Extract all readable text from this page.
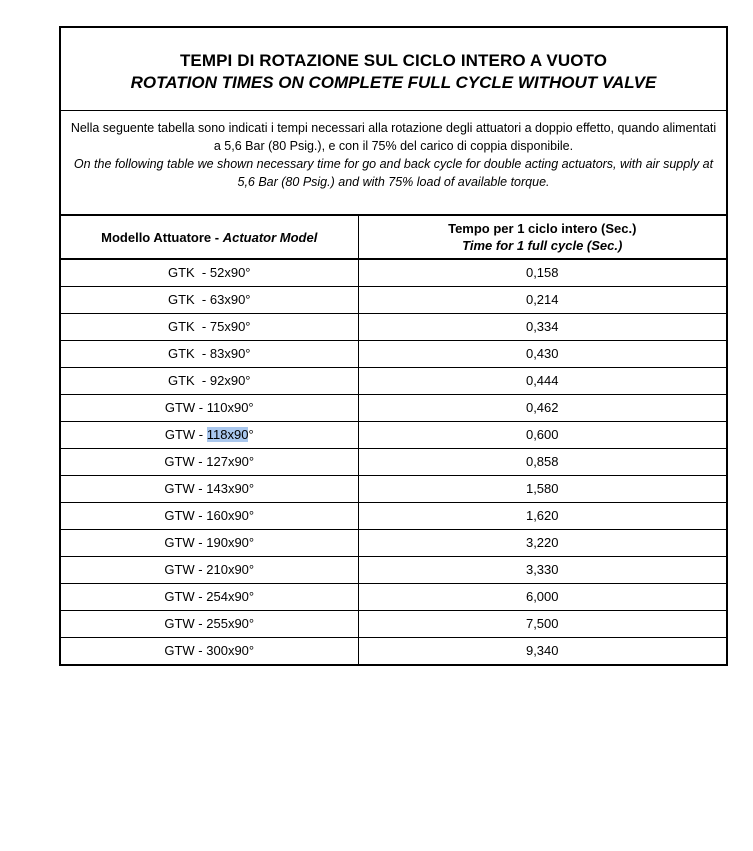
TEMPI DI ROTAZIONE SUL CICLO INTERO A VUOTO
ROTATION TIMES ON COMPLETE FULL CYCLE WITHOUT VALVE
Nella seguente tabella sono indicati i tempi necessari alla rotazione degli attuatori a doppio effetto, quando alimentati a 5,6 Bar (80 Psig.), e con il 75% del carico di coppia disponibile.
On the following table we shown necessary time for go and back cycle for double acting actuators, with air supply at 5,6 Bar (80 Psig.) and with 75% load of available torque.
Modello Attuatore - Actuator Model	Tempo per 1 ciclo intero (Sec.)
Time for 1 full cycle (Sec.)

GTK  - 52x90°	0,158
GTK  - 63x90°	0,214
GTK  - 75x90°	0,334
GTK  - 83x90°	0,430
GTK  - 92x90°	0,444
GTW - 110x90°	0,462
GTW - 118x90°	0,600
GTW - 127x90°	0,858
GTW - 143x90°	1,580
GTW - 160x90°	1,620
GTW - 190x90°	3,220
GTW - 210x90°	3,330
GTW - 254x90°	6,000
GTW - 255x90°	7,500
GTW - 300x90°	9,340
